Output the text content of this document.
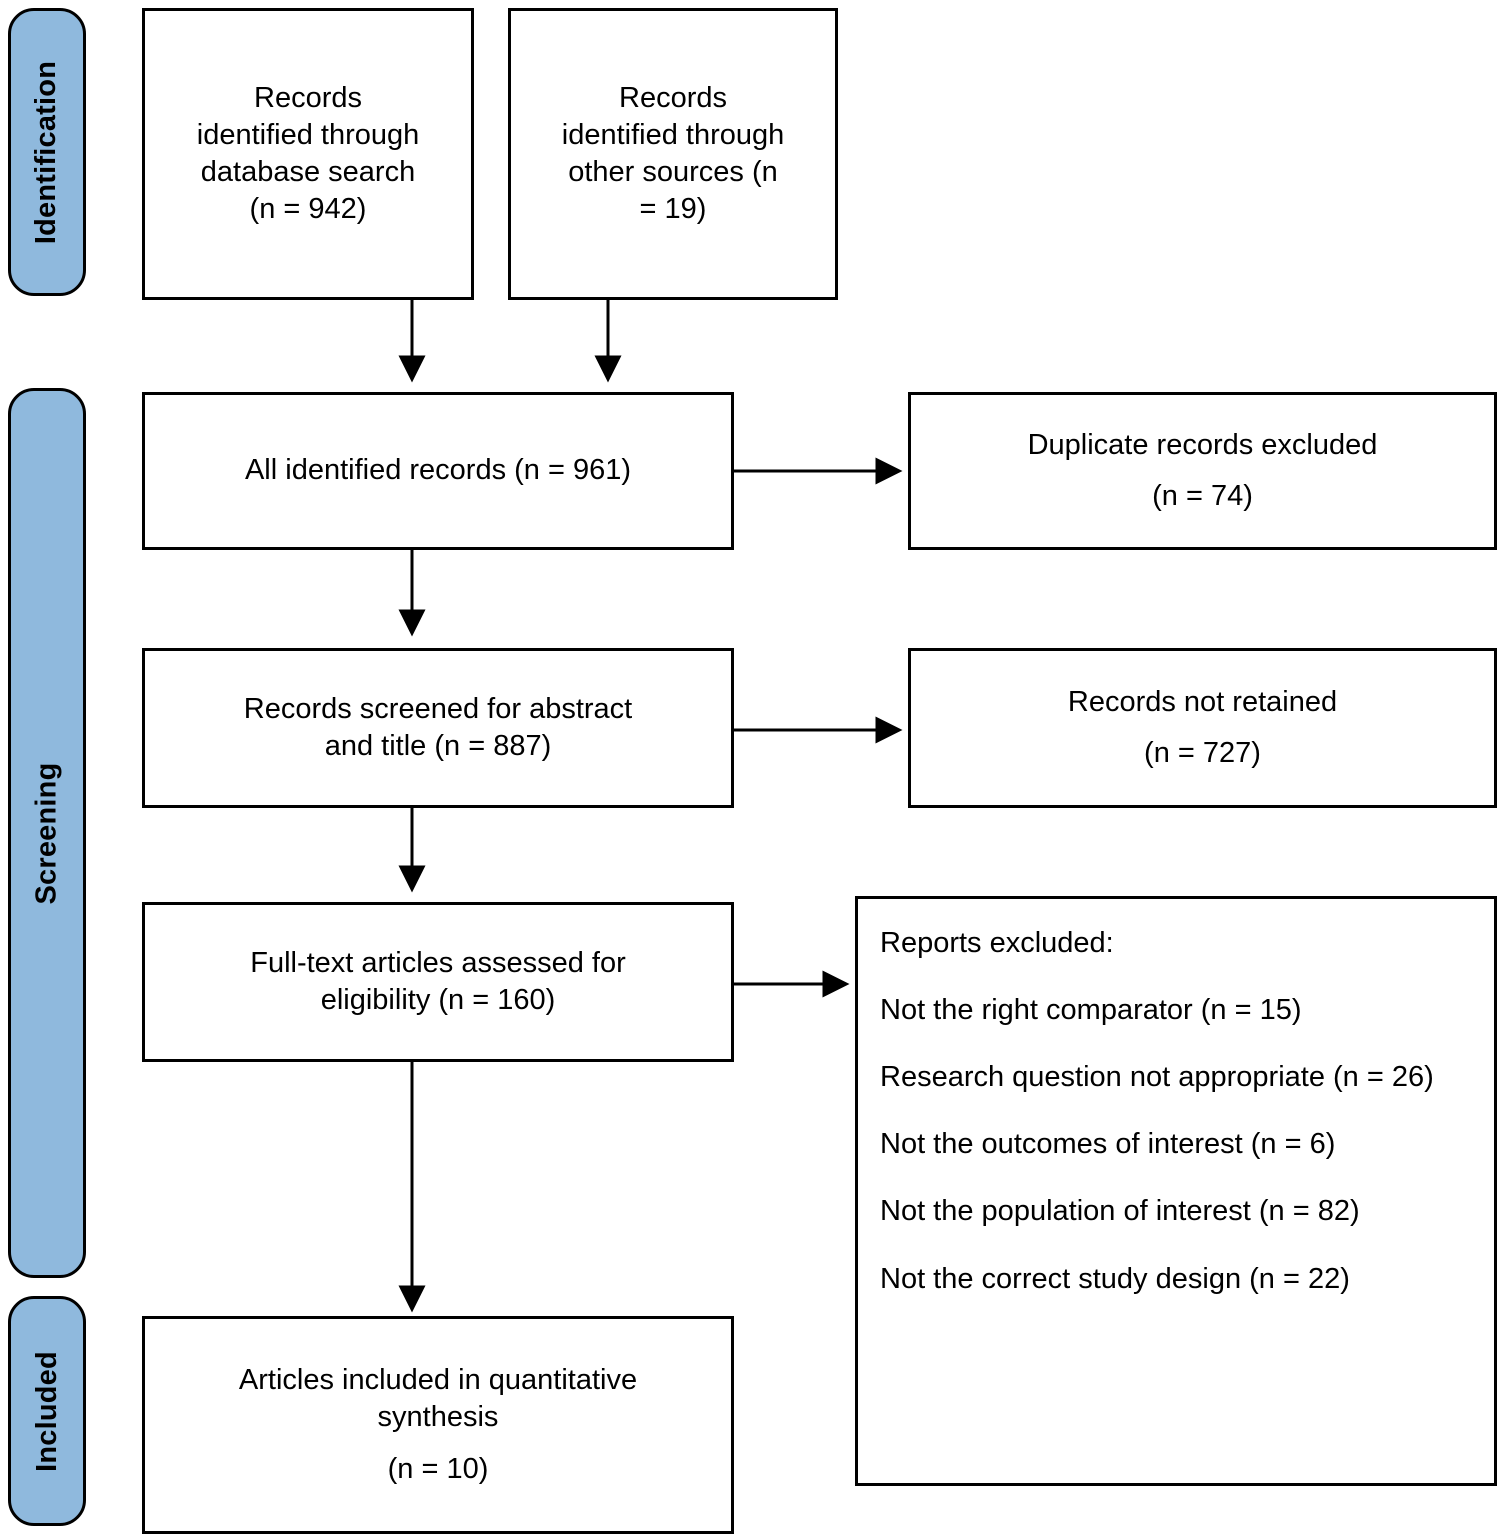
Identification
Screening
Included
Records
identified through
database search
(n = 942)
Records
identified through
other sources (n
= 19)
All identified records (n = 961)
Duplicate records excluded
(n = 74)
Records screened for abstract
and title (n = 887)
Records not retained
(n = 727)
Full-text articles assessed for
eligibility (n = 160)
Reports excluded:
Not the right comparator (n = 15)
Research question not appropriate (n = 26)
Not the outcomes of interest (n = 6)
Not the population of interest (n = 82)
Not the correct study design (n = 22)
Articles included in quantitative
synthesis
(n = 10)
